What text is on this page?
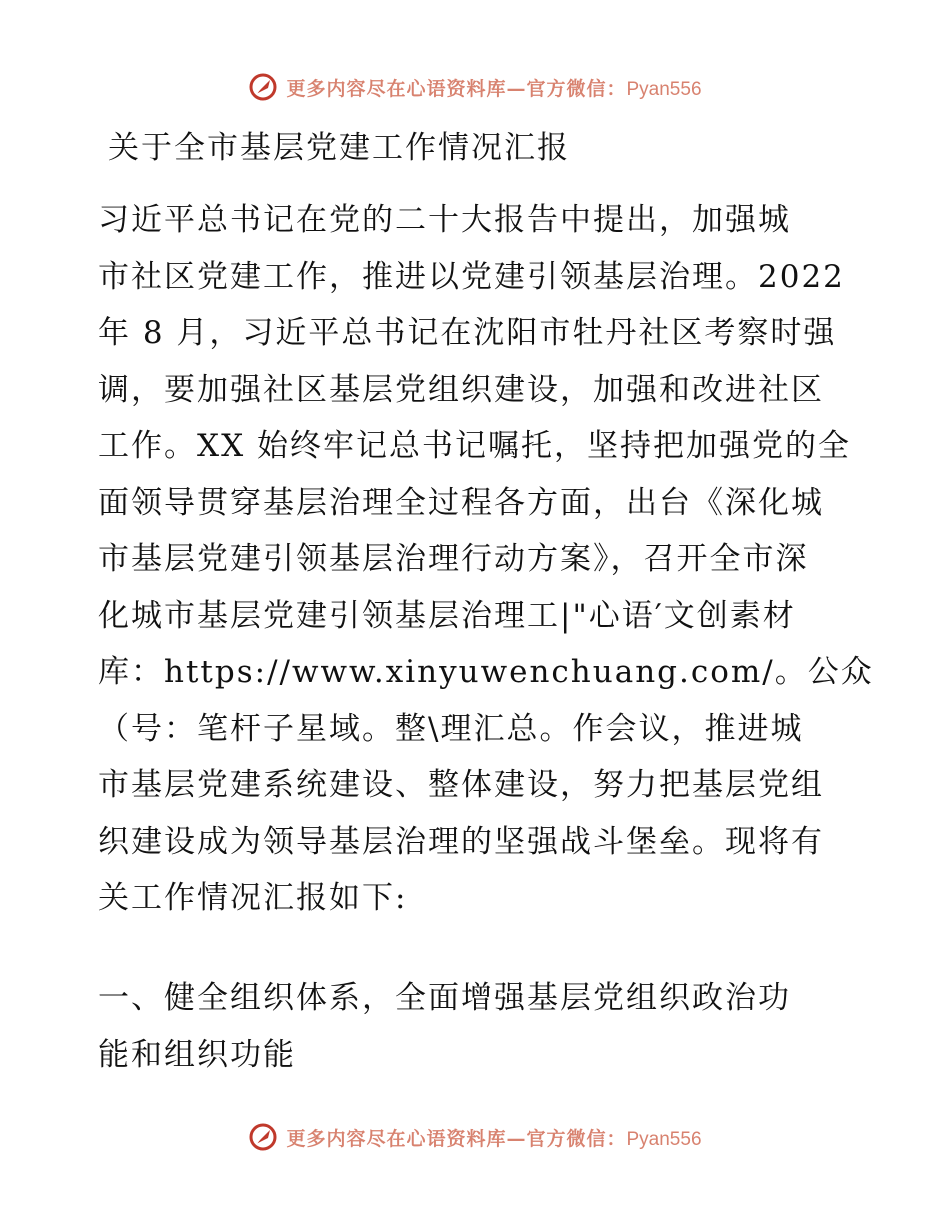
更多内容尽在心语资料库—官方微信：Pyan556
关于全市基层党建工作情况汇报
习近平总书记在党的二十大报告中提出，加强城
市社区党建工作，推进以党建引领基层治理。2022
年 8 月，习近平总书记在沈阳市牡丹社区考察时强
调，要加强社区基层党组织建设，加强和改进社区
工作。XX 始终牢记总书记嘱托，坚持把加强党的全
面领导贯穿基层治理全过程各方面，出台《深化城
市基层党建引领基层治理行动方案》，召开全市深
化城市基层党建引领基层治理工|"心语′文创素材
库：https://www.xinyuwenchuang.com/。公众
（号：笔杆子星域。整\理汇总。作会议，推进城
市基层党建系统建设、整体建设，努力把基层党组
织建设成为领导基层治理的坚强战斗堡垒。现将有
关工作情况汇报如下:
一、健全组织体系，全面增强基层党组织政治功
能和组织功能
更多内容尽在心语资料库—官方微信：Pyan556
